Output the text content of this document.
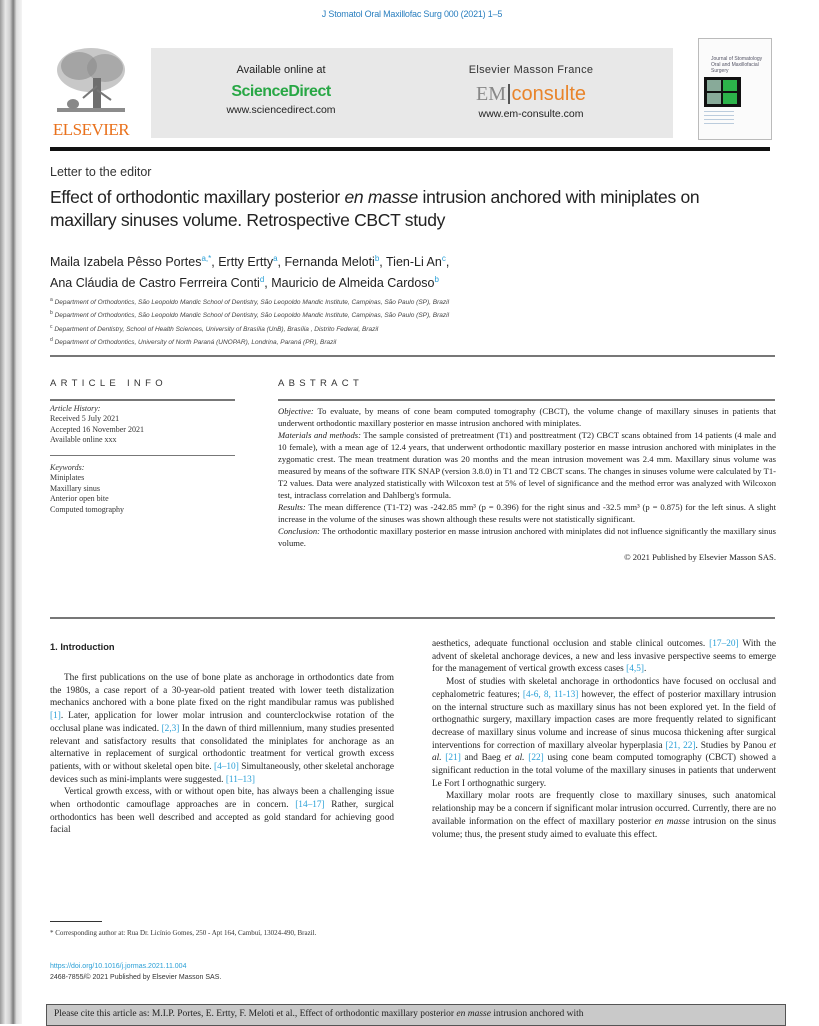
J Stomatol Oral Maxillofac Surg 000 (2021) 1–5
ELSEVIER
Available online at
ScienceDirect
www.sciencedirect.com
Elsevier Masson France
EM consulte
www.em-consulte.com
Journal of Stomatology Oral and Maxillofacial Surgery
Letter to the editor
Effect of orthodontic maxillary posterior en masse intrusion anchored with miniplates on maxillary sinuses volume. Retrospective CBCT study
Maila Izabela Pêsso Portes$^{a,*}$, Ertty Ertty$^a$, Fernanda Meloti$^b$, Tien-Li An$^c$,
Ana Cláudia de Castro Ferrreira Conti$^d$, Mauricio de Almeida Cardoso$^b$
$^a$ Department of Orthodontics, São Leopoldo Mandic School of Dentistry, São Leopoldo Mandic Institute, Campinas, São Paulo (SP), Brazil
$^b$ Department of Orthodontics, São Leopoldo Mandic School of Dentistry, São Leopoldo Mandic Institute, Campinas, São Paulo (SP), Brazil
$^c$ Department of Dentistry, School of Health Sciences, University of Brasília (UnB), Brasília , Distrito Federal, Brazil
$^d$ Department of Orthodontics, University of North Paraná (UNOPAR), Londrina, Paraná (PR), Brazil
ARTICLE INFO
Article History:
Received 5 July 2021
Accepted 16 November 2021
Available online xxx
Keywords:
Miniplates
Maxillary sinus
Anterior open bite
Computed tomography
ABSTRACT

Objective: To evaluate, by means of cone beam computed tomography (CBCT), the volume change of maxillary sinuses in patients that underwent orthodontic maxillary posterior en masse intrusion anchored with miniplates.

Materials and methods: The sample consisted of pretreatment (T1) and posttreatment (T2) CBCT scans obtained from 14 patients (4 male and 10 female), with a mean age of 12.4 years, that underwent orthodontic maxillary posterior en masse intrusion anchored with miniplates in the zygomatic crest. The mean treatment duration was 20 months and the mean intrusion movement was 2.4 mm. Maxillary sinus volume was measured by means of the software ITK SNAP (version 3.8.0) in T1 and T2 CBCT scans. The changes in sinuses volume were calculated by T1-T2 values. Data were analyzed statistically with Wilcoxon test at 5% of level of significance and the method error was analyzed with Wilcoxon test, intraclass correlation and Dahlberg's formula.

Results: The mean difference (T1-T2) was -242.85 mm³ (p = 0.396) for the right sinus and -32.5 mm³ (p = 0.875) for the left sinus. A slight increase in the volume of the sinuses was shown although these results were not statistically significant.

Conclusion: The orthodontic maxillary posterior en masse intrusion anchored with miniplates did not influence significantly the maxillary sinus volume.

© 2021 Published by Elsevier Masson SAS.

1. Introduction

The first publications on the use of bone plate as anchorage in orthodontics date from the 1980s, a case report of a 30-year-old patient treated with lower teeth distalization mechanics anchored with a bone plate fixed on the right mandibular ramus was published [1]. Later, application for lower molar intrusion and counterclockwise rotation of the occlusal plane was indicated. [2,3] In the dawn of third millennium, many studies presented relevant and satisfactory results that consolidated the miniplates for anchorage as an alternative in replacement of surgical orthodontic treatment for vertical growth excess patients, with or without skeletal open bite. [4–10] Simultaneously, other skeletal anchorage devices such as mini-implants were suggested. [11–13]

Vertical growth excess, with or without open bite, has always been a challenging issue when orthodontic camouflage approaches are in concern. [14–17] Rather, surgical orthodontics has been well described and accepted as gold standard for achieving good facial

aesthetics, adequate functional occlusion and stable clinical outcomes. [17–20] With the advent of skeletal anchorage devices, a new and less invasive perspective seems to emerge for the management of vertical growth excess cases [4,5].

Most of studies with skeletal anchorage in orthodontics have focused on occlusal and cephalometric features; [4-6, 8, 11-13] however, the effect of posterior maxillary intrusion on the internal structure such as maxillary sinus has not been explored yet. In the field of orthognathic surgery, maxillary impaction cases are more frequently related to significant decrease of maxillary sinus volume and increase of sinus mucosa thickening after surgical interventions for correction of maxillary alveolar hyperplasia [21, 22]. Studies by Panou et al. [21] and Baeg et al. [22] using cone beam computed tomography (CBCT) showed a significant reduction in the total volume of the maxillary sinuses in patients that underwent Le Fort I orthognathic surgery.

Maxillary molar roots are frequently close to maxillary sinuses, such anatomical relationship may be a concern if significant molar intrusion occurred. Currently, there are no available information on the effect of maxillary posterior en masse intrusion on the sinus volume; thus, the present study aimed to evaluate this effect.

* Corresponding author at: Rua Dr. Licínio Gomes, 250 - Apt 164, Cambuí, 13024-490, Brazil.
https://doi.org/10.1016/j.jormas.2021.11.004
2468-7855/© 2021 Published by Elsevier Masson SAS.
Please cite this article as: M.I.P. Portes, E. Ertty, F. Meloti et al., Effect of orthodontic maxillary posterior en masse intrusion anchored with
